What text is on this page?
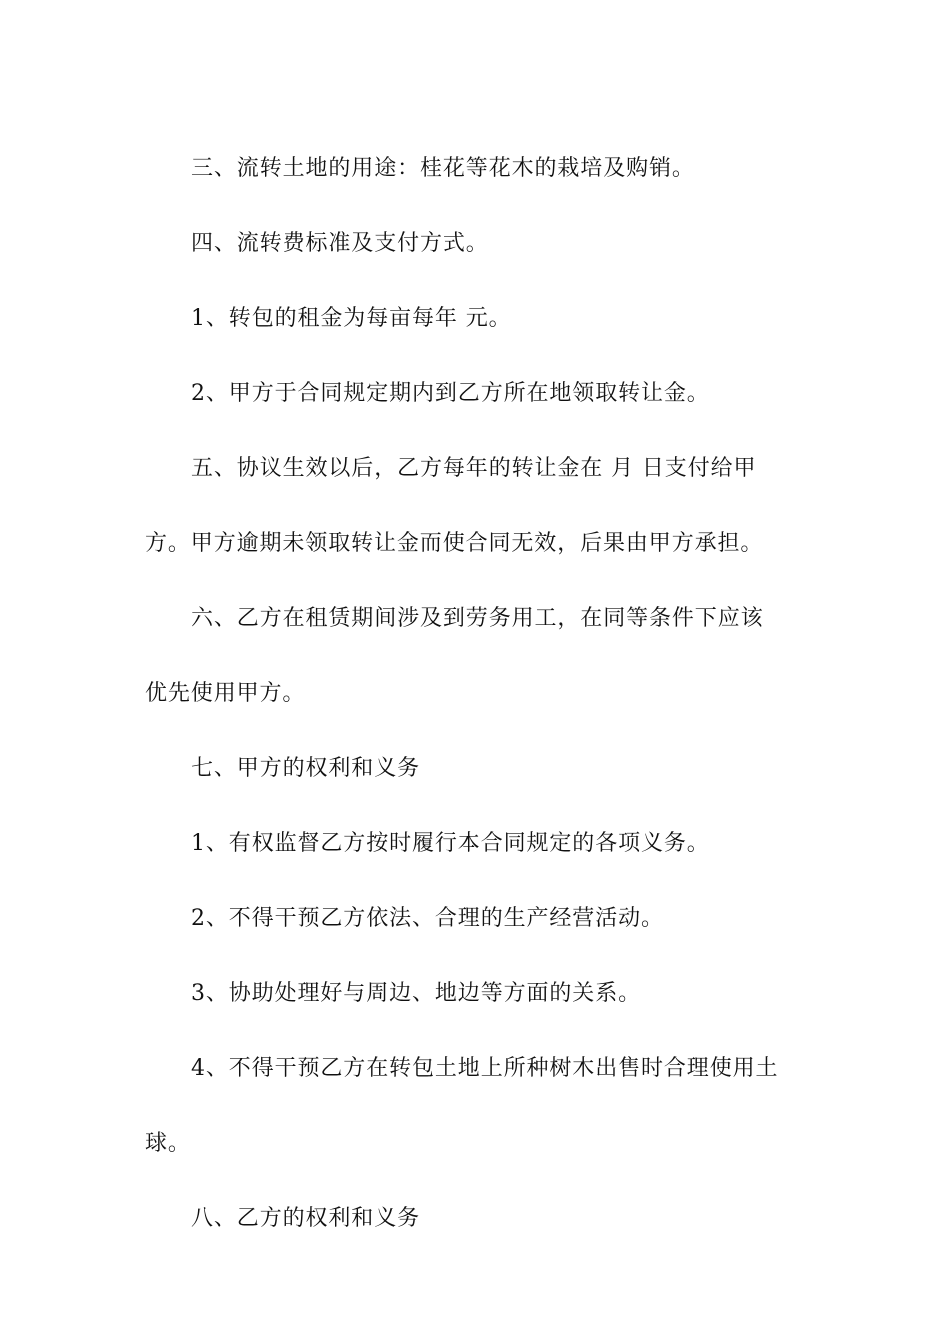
三、流转土地的用途：桂花等花木的栽培及购销。

四、流转费标准及支付方式。

1、转包的租金为每亩每年 元。

2、甲方于合同规定期内到乙方所在地领取转让金。

五、协议生效以后，乙方每年的转让金在 月 日支付给甲

方。甲方逾期未领取转让金而使合同无效，后果由甲方承担。

六、乙方在租赁期间涉及到劳务用工，在同等条件下应该

优先使用甲方。

七、甲方的权利和义务

1、有权监督乙方按时履行本合同规定的各项义务。

2、不得干预乙方依法、合理的生产经营活动。

3、协助处理好与周边、地边等方面的关系。

4、不得干预乙方在转包土地上所种树木出售时合理使用土

球。

八、乙方的权利和义务
